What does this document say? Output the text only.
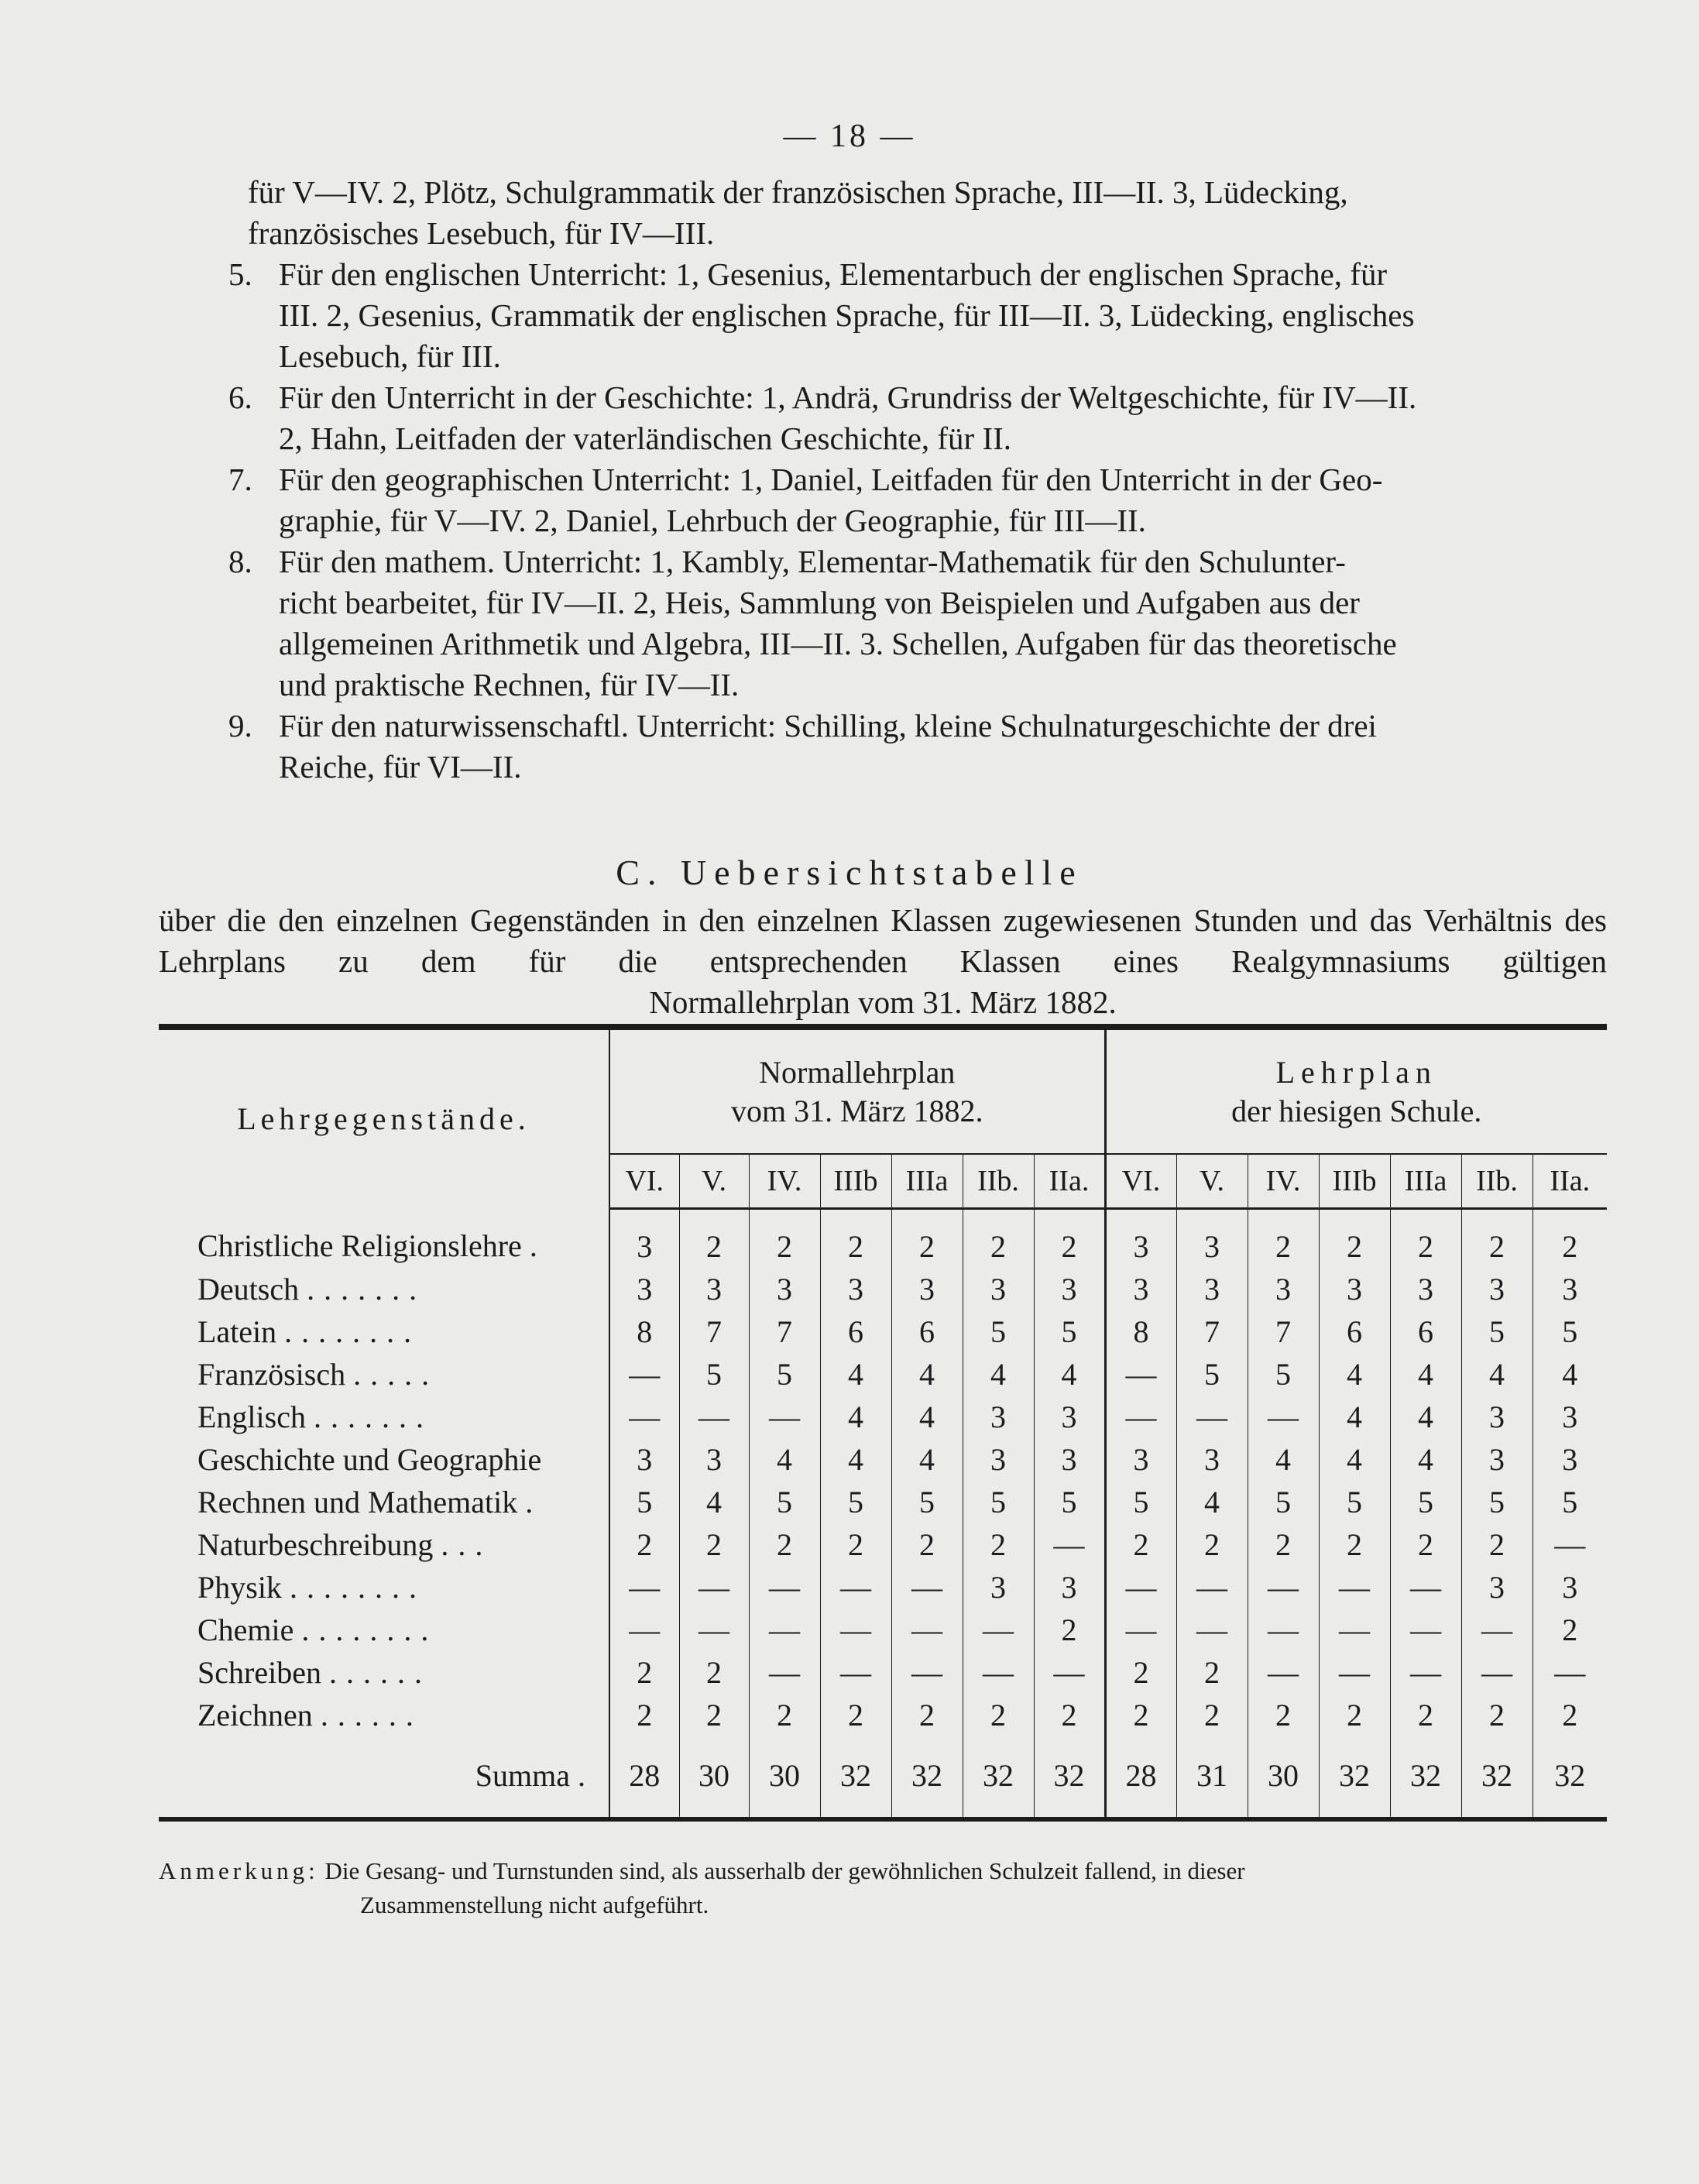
— 18 —

für V—IV. 2, Plötz, Schulgrammatik der französischen Sprache, III—II. 3, Lüdecking,

französisches Lesebuch, für IV—III.

5. Für den englischen Unterricht: 1, Gesenius, Elementarbuch der englischen Sprache, für

III. 2, Gesenius, Grammatik der englischen Sprache, für III—II. 3, Lüdecking, englisches

Lesebuch, für III.

6. Für den Unterricht in der Geschichte: 1, Andrä, Grundriss der Weltgeschichte, für IV—II.

2, Hahn, Leitfaden der vaterländischen Geschichte, für II.

7. Für den geographischen Unterricht: 1, Daniel, Leitfaden für den Unterricht in der Geo-

graphie, für V—IV. 2, Daniel, Lehrbuch der Geographie, für III—II.

8. Für den mathem. Unterricht: 1, Kambly, Elementar-Mathematik für den Schulunter-

richt bearbeitet, für IV—II. 2, Heis, Sammlung von Beispielen und Aufgaben aus der

allgemeinen Arithmetik und Algebra, III—II. 3. Schellen, Aufgaben für das theoretische

und praktische Rechnen, für IV—II.

9. Für den naturwissenschaftl. Unterricht: Schilling, kleine Schulnaturgeschichte der drei

Reiche, für VI—II.

C. Uebersichtstabelle
über die den einzelnen Gegenständen in den einzelnen Klassen zugewiesenen Stunden und das Verhältnis des Lehrplans zu dem für die entsprechenden Klassen eines Realgymnasiums gültigen
Normallehrplan vom 31. März 1882.
Lehrgegenstände.	Normallehrplan
vom 31. März 1882.							Lehrplan
der hiesigen Schule.						
	VI.	V.	IV.	IIIb	IIIa	IIb.	IIa.	VI.	V.	IV.	IIIb	IIIa	IIb.	IIa.
Christliche Religionslehre .	3	2	2	2	2	2	2	3	3	2	2	2	2	2
Deutsch .......	3	3	3	3	3	3	3	3	3	3	3	3	3	3
Latein ........	8	7	7	6	6	5	5	8	7	7	6	6	5	5
Französisch .....	—	5	5	4	4	4	4	—	5	5	4	4	4	4
Englisch .......	—	—	—	4	4	3	3	—	—	—	4	4	3	3
Geschichte und Geographie	3	3	4	4	4	3	3	3	3	4	4	4	3	3
Rechnen und Mathematik .	5	4	5	5	5	5	5	5	4	5	5	5	5	5
Naturbeschreibung ...	2	2	2	2	2	2	—	2	2	2	2	2	2	—
Physik ........	—	—	—	—	—	3	3	—	—	—	—	—	3	3
Chemie ........	—	—	—	—	—	—	2	—	—	—	—	—	—	2
Schreiben ......	2	2	—	—	—	—	—	2	2	—	—	—	—	—
Zeichnen ......	2	2	2	2	2	2	2	2	2	2	2	2	2	2
Summa .	28	30	30	32	32	32	32	28	31	30	32	32	32	32
Anmerkung: Die Gesang- und Turnstunden sind, als ausserhalb der gewöhnlichen Schulzeit fallend, in dieser
Zusammenstellung nicht aufgeführt.
